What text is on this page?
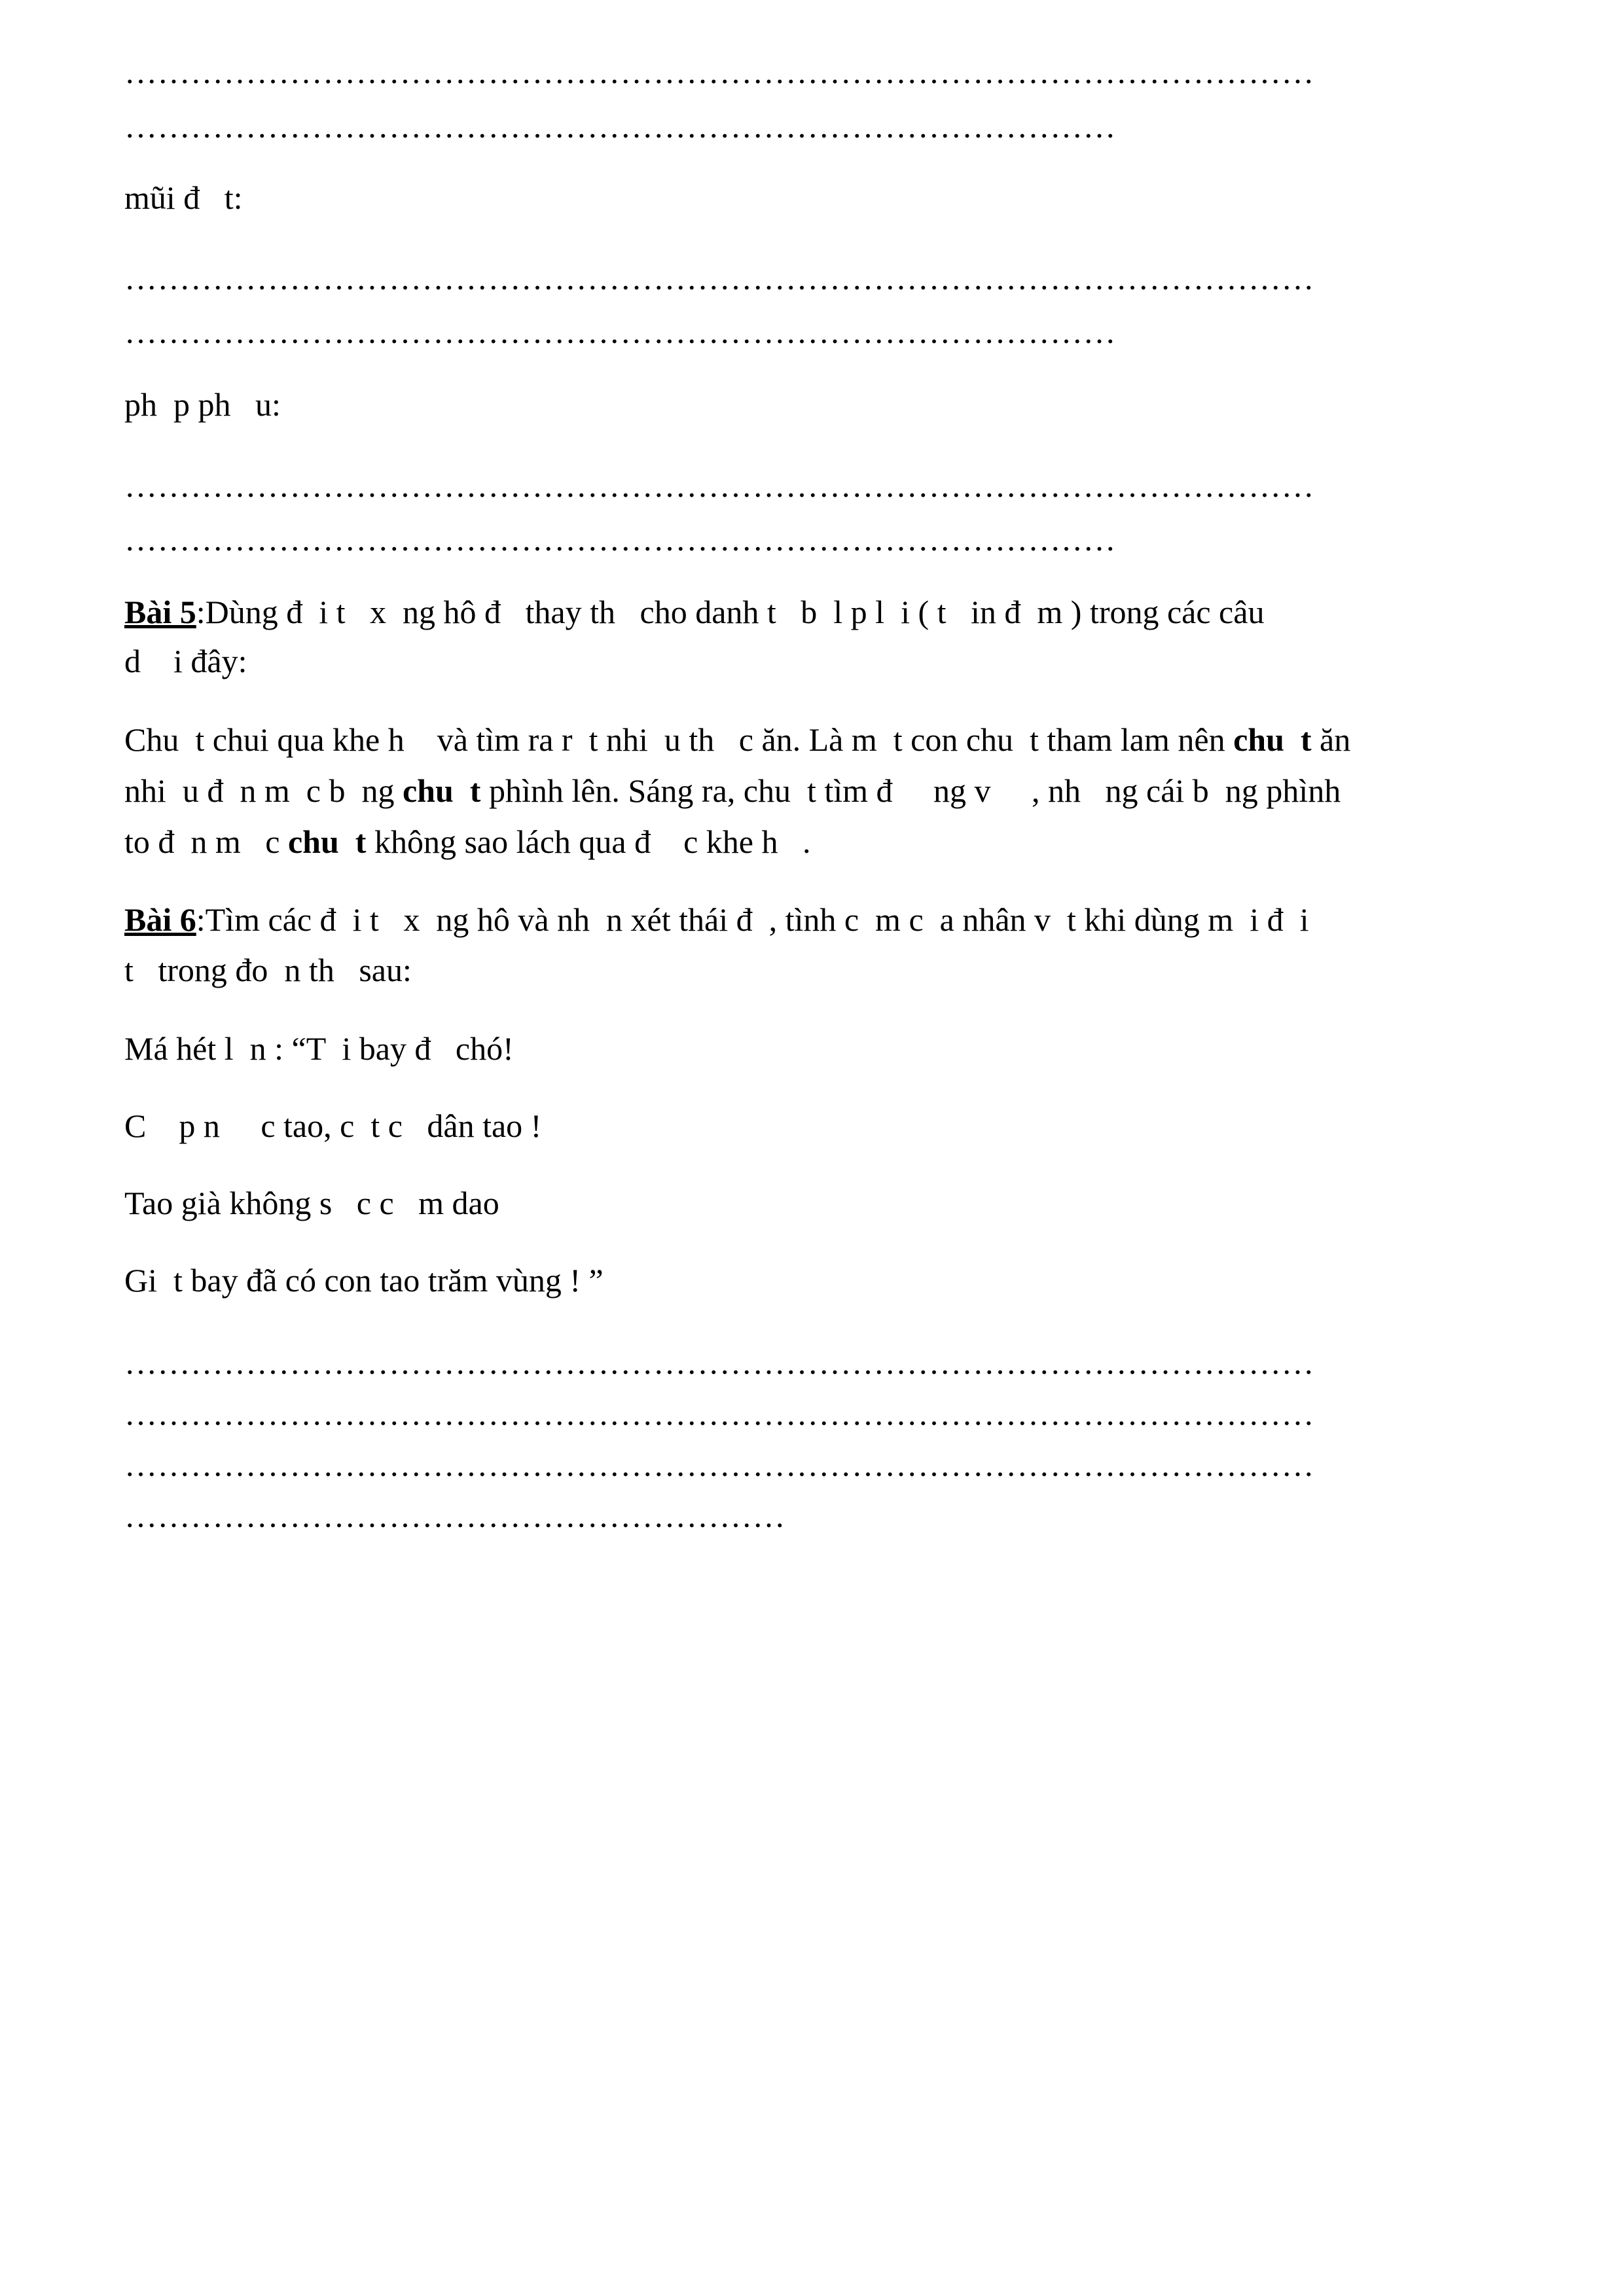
………………………………………………………………………………………………
………………………………………………………………………………
mũi đ   t:
………………………………………………………………………………………………
………………………………………………………………………………
ph  p ph   u:
………………………………………………………………………………………………
………………………………………………………………………………
Bài 5:Dùng đ  i t   x  ng hô đ   thay th   cho danh t   b  l p l  i ( t   in đ  m ) trong các câu
d    i đây:
Chu  t chui qua khe h    và tìm ra r  t nhi  u th   c ăn. Là m  t con chu  t tham lam nên chu  t ăn
nhi  u đ  n m  c b  ng chu  t phình lên. Sáng ra, chu  t tìm đ     ng v     , nh   ng cái b  ng phình
to đ  n m   c chu  t không sao lách qua đ    c khe h   .
Bài 6:Tìm các đ  i t   x  ng hô và nh  n xét thái đ  , tình c  m c  a nhân v  t khi dùng m  i đ  i
t   trong đo  n th   sau:
Má hét l  n : “T  i bay đ   chó!
C    p n     c tao, c  t c   dân tao !
Tao già không s   c c   m dao
Gi  t bay đã có con tao trăm vùng ! ”
………………………………………………………………………………………………
………………………………………………………………………………………………
………………………………………………………………………………………………
……………………………………………………
